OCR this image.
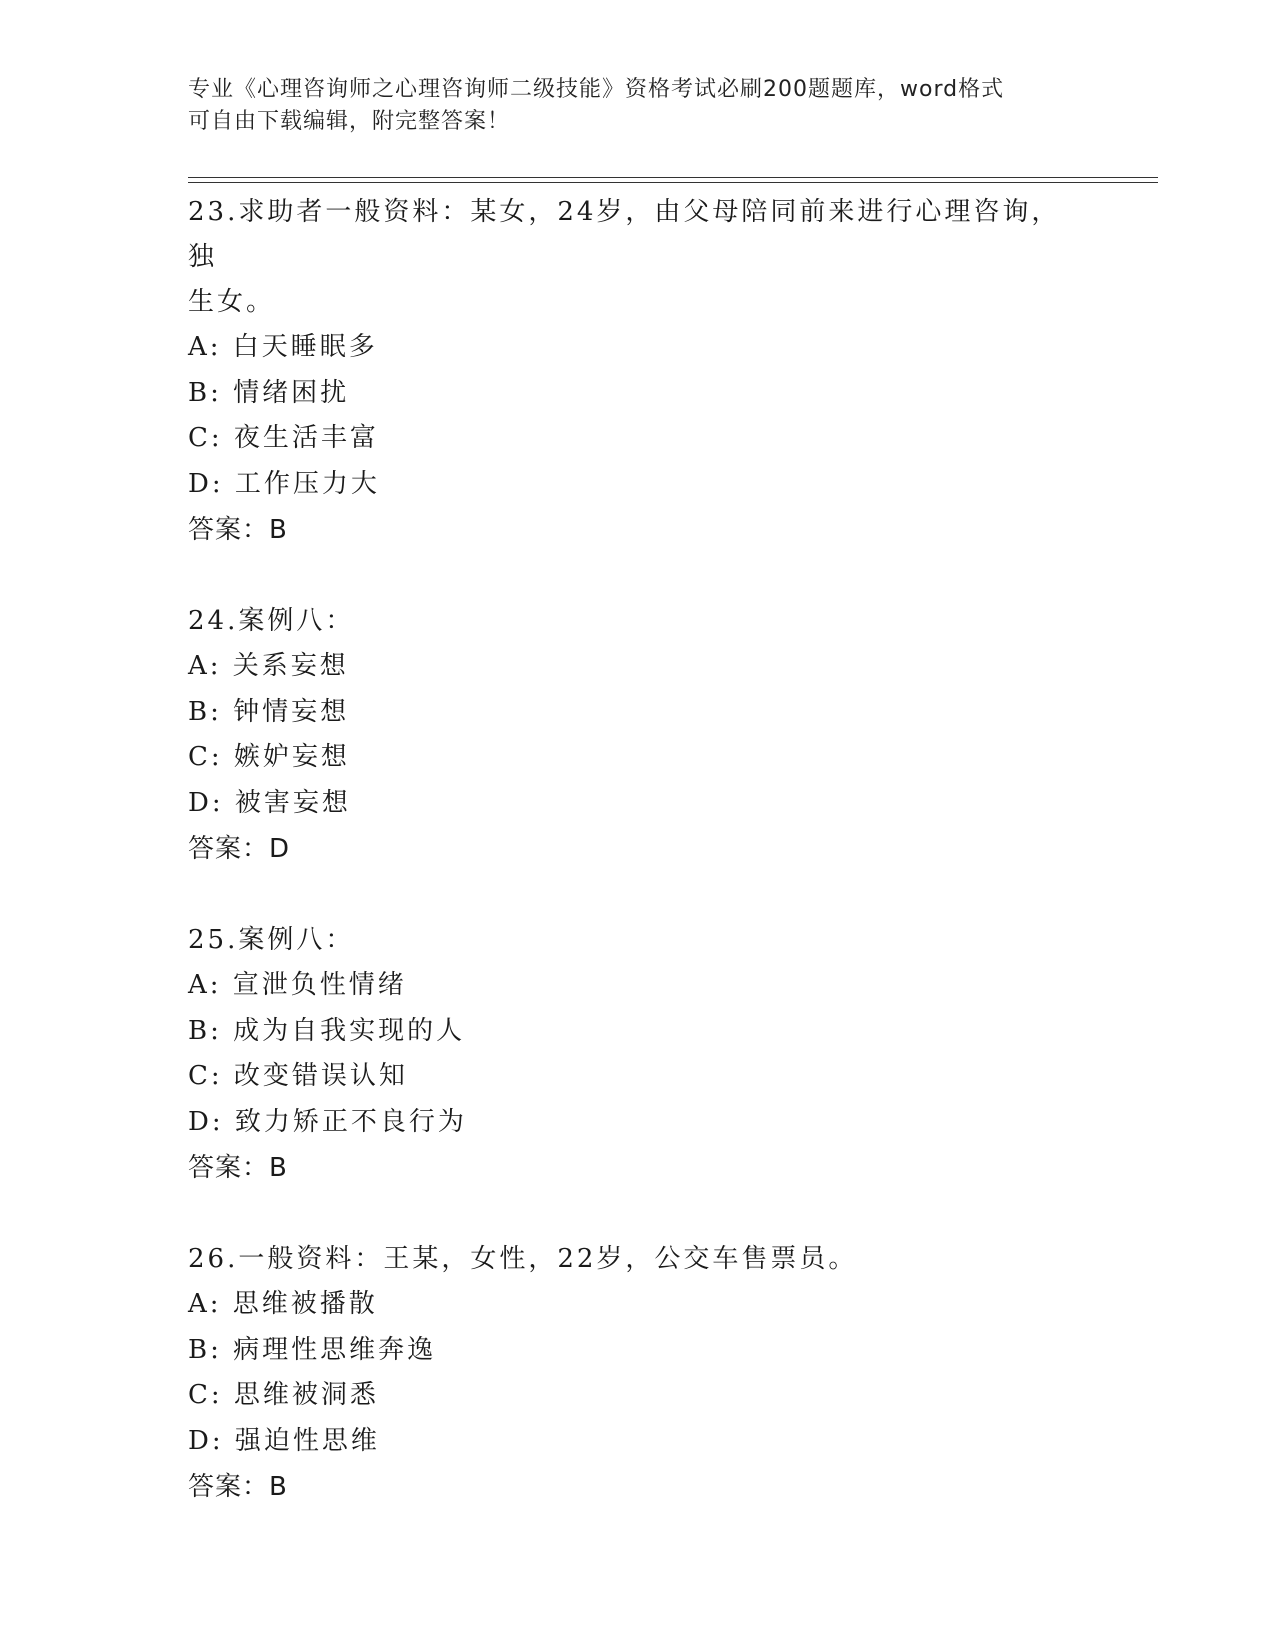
专业《心理咨询师之心理咨询师二级技能》资格考试必刷200题题库，word格式
可自由下载编辑，附完整答案！
23.求助者一般资料：某女，24岁，由父母陪同前来进行心理咨询，独
生女。
A: 白天睡眠多
B: 情绪困扰
C: 夜生活丰富
D: 工作压力大
答案：B
24.案例八：
A: 关系妄想
B: 钟情妄想
C: 嫉妒妄想
D: 被害妄想
答案：D
25.案例八：
A: 宣泄负性情绪
B: 成为自我实现的人
C: 改变错误认知
D: 致力矫正不良行为
答案：B
26.一般资料：王某，女性，22岁，公交车售票员。
A: 思维被播散
B: 病理性思维奔逸
C: 思维被洞悉
D: 强迫性思维
答案：B
